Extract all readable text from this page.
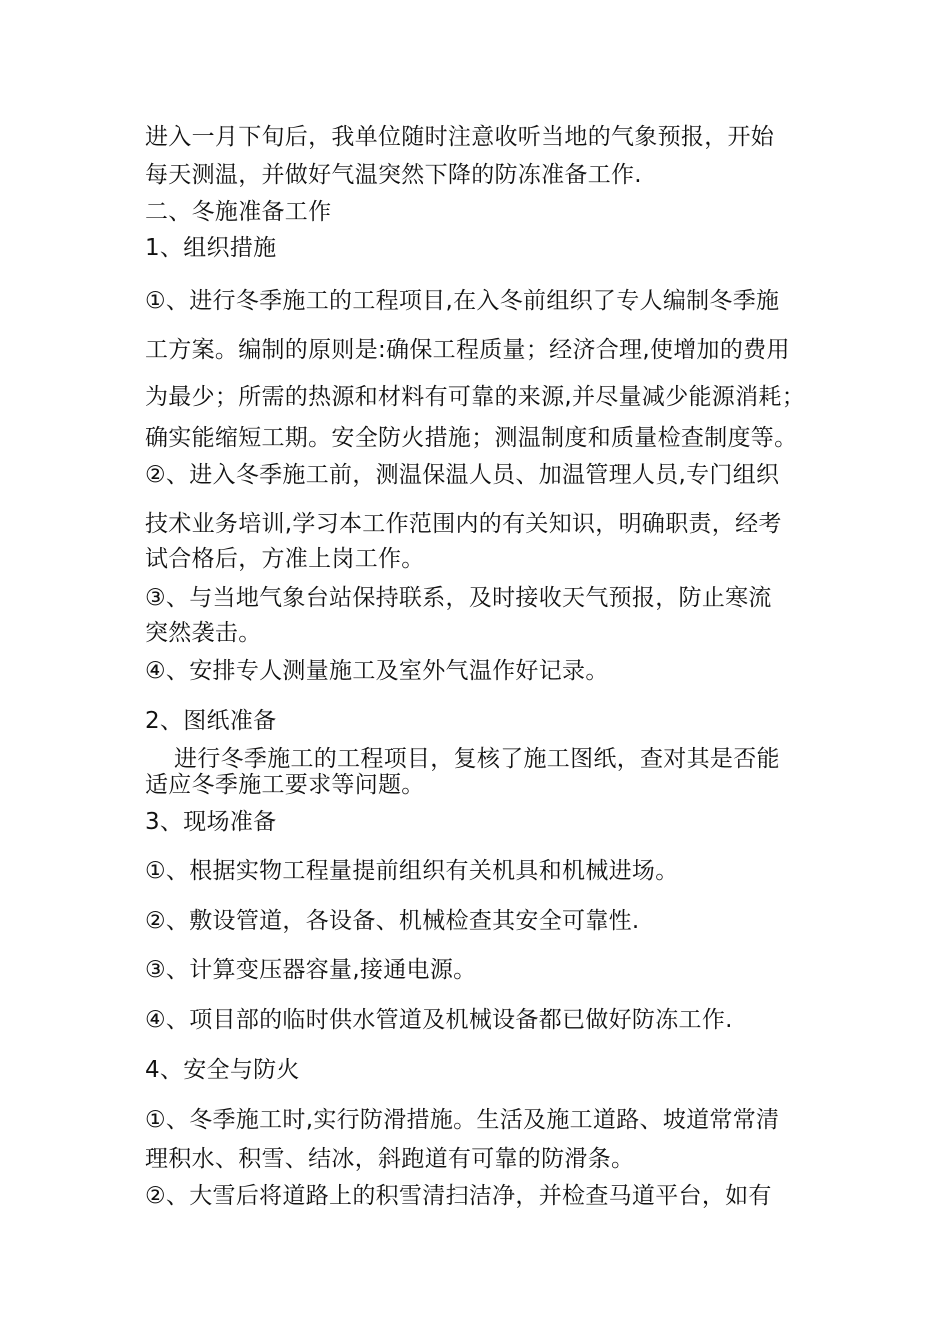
进入一月下旬后，我单位随时注意收听当地的气象预报，开始
每天测温，并做好气温突然下降的防冻准备工作.
二、冬施准备工作
1、组织措施
①、进行冬季施工的工程项目,在入冬前组织了专人编制冬季施
工方案。编制的原则是:确保工程质量；经济合理,使增加的费用
为最少；所需的热源和材料有可靠的来源,并尽量减少能源消耗；
确实能缩短工期。安全防火措施；测温制度和质量检查制度等。
②、进入冬季施工前，测温保温人员、加温管理人员,专门组织
技术业务培训,学习本工作范围内的有关知识，明确职责，经考
试合格后，方准上岗工作。
③、与当地气象台站保持联系，及时接收天气预报，防止寒流
突然袭击。
④、安排专人测量施工及室外气温作好记录。
2、图纸准备
进行冬季施工的工程项目，复核了施工图纸，查对其是否能
适应冬季施工要求等问题。
3、现场准备
①、根据实物工程量提前组织有关机具和机械进场。
②、敷设管道，各设备、机械检查其安全可靠性.
③、计算变压器容量,接通电源。
④、项目部的临时供水管道及机械设备都已做好防冻工作.
4、安全与防火
①、冬季施工时,实行防滑措施。生活及施工道路、坡道常常清
理积水、积雪、结冰，斜跑道有可靠的防滑条。
②、大雪后将道路上的积雪清扫洁净，并检查马道平台，如有
